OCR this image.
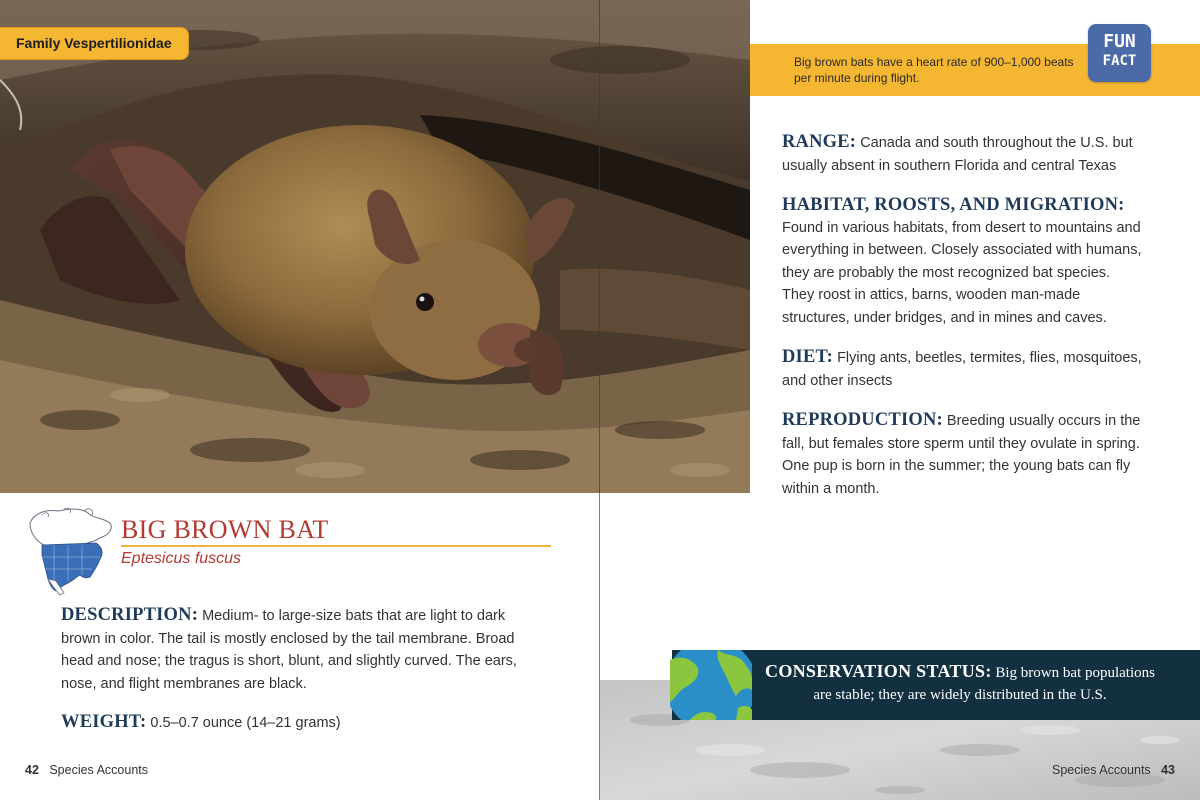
Family Vespertilionidae
BIG BROWN BAT
Eptesicus fuscus
DESCRIPTION: Medium- to large-size bats that are light to dark brown in color. The tail is mostly enclosed by the tail membrane. Broad head and nose; the tragus is short, blunt, and slightly curved. The ears, nose, and flight membranes are black.
WEIGHT: 0.5–0.7 ounce (14–21 grams)
42 Species Accounts
Big brown bats have a heart rate of 900–1,000 beats per minute during flight.
FUN
FACT
RANGE: Canada and south throughout the U.S. but usually absent in southern Florida and central Texas
HABITAT, ROOSTS, AND MIGRATION:
Found in various habitats, from desert to mountains and everything in between. Closely associated with humans, they are probably the most recognized bat species. They roost in attics, barns, wooden man-made structures, under bridges, and in mines and caves.
DIET: Flying ants, beetles, termites, flies, mosquitoes, and other insects
REPRODUCTION: Breeding usually occurs in the fall, but females store sperm until they ovulate in spring. One pup is born in the summer; the young bats can fly within a month.
CONSERVATION STATUS: Big brown bat populations are stable; they are widely distributed in the U.S.
Species Accounts 43
